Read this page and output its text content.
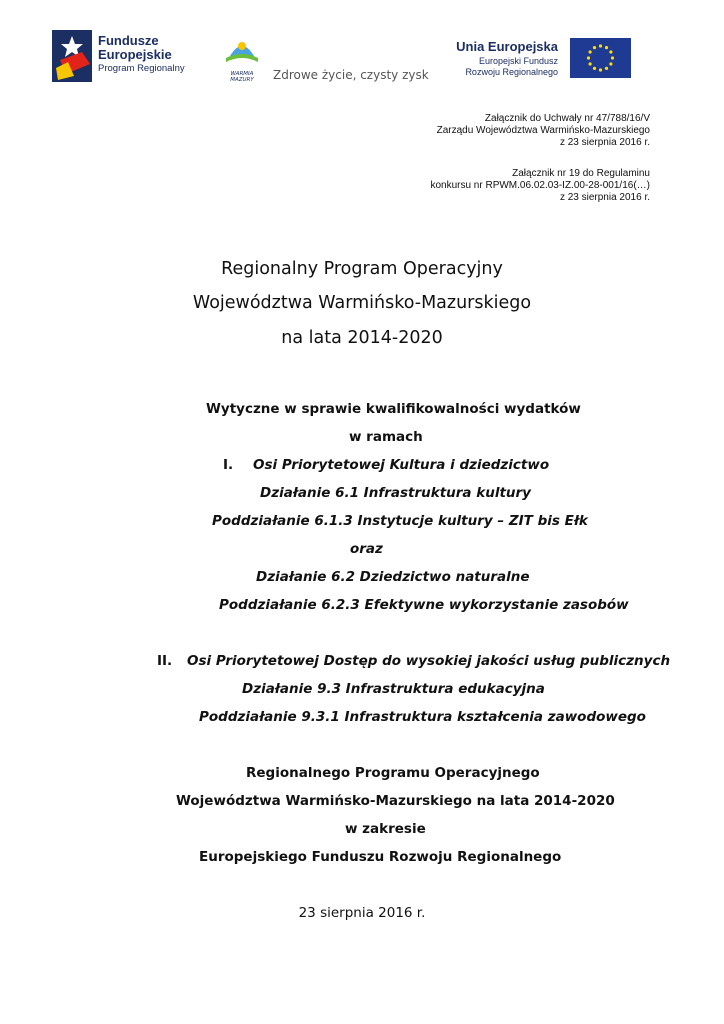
Fundusze
Europejskie
Program Regionalny	WARMIA
MAZURY	Zdrowe życie, czysty zysk
Unia Europejska
Europejski Fundusz
Rozwoju Regionalnego
Załącznik do Uchwały nr 47/788/16/V
Zarządu Województwa Warmińsko-Mazurskiego
z 23 sierpnia 2016 r.
Załącznik nr 19 do Regulaminu
konkursu nr RPWM.06.02.03-IZ.00-28-001/16(…)
z 23 sierpnia 2016 r.
Regionalny Program Operacyjny
Województwa Warmińsko-Mazurskiego
na lata 2014-2020
Wytyczne w sprawie kwalifikowalności wydatków
w ramach
I. Osi Priorytetowej Kultura i dziedzictwo
Działanie 6.1 Infrastruktura kultury
Poddziałanie 6.1.3 Instytucje kultury – ZIT bis Ełk
oraz
Działanie 6.2 Dziedzictwo naturalne
Poddziałanie 6.2.3 Efektywne wykorzystanie zasobów
II. Osi Priorytetowej Dostęp do wysokiej jakości usług publicznych
Działanie 9.3 Infrastruktura edukacyjna
Poddziałanie 9.3.1 Infrastruktura kształcenia zawodowego
Regionalnego Programu Operacyjnego
Województwa Warmińsko-Mazurskiego na lata 2014-2020
w zakresie
Europejskiego Funduszu Rozwoju Regionalnego
23 sierpnia 2016 r.
